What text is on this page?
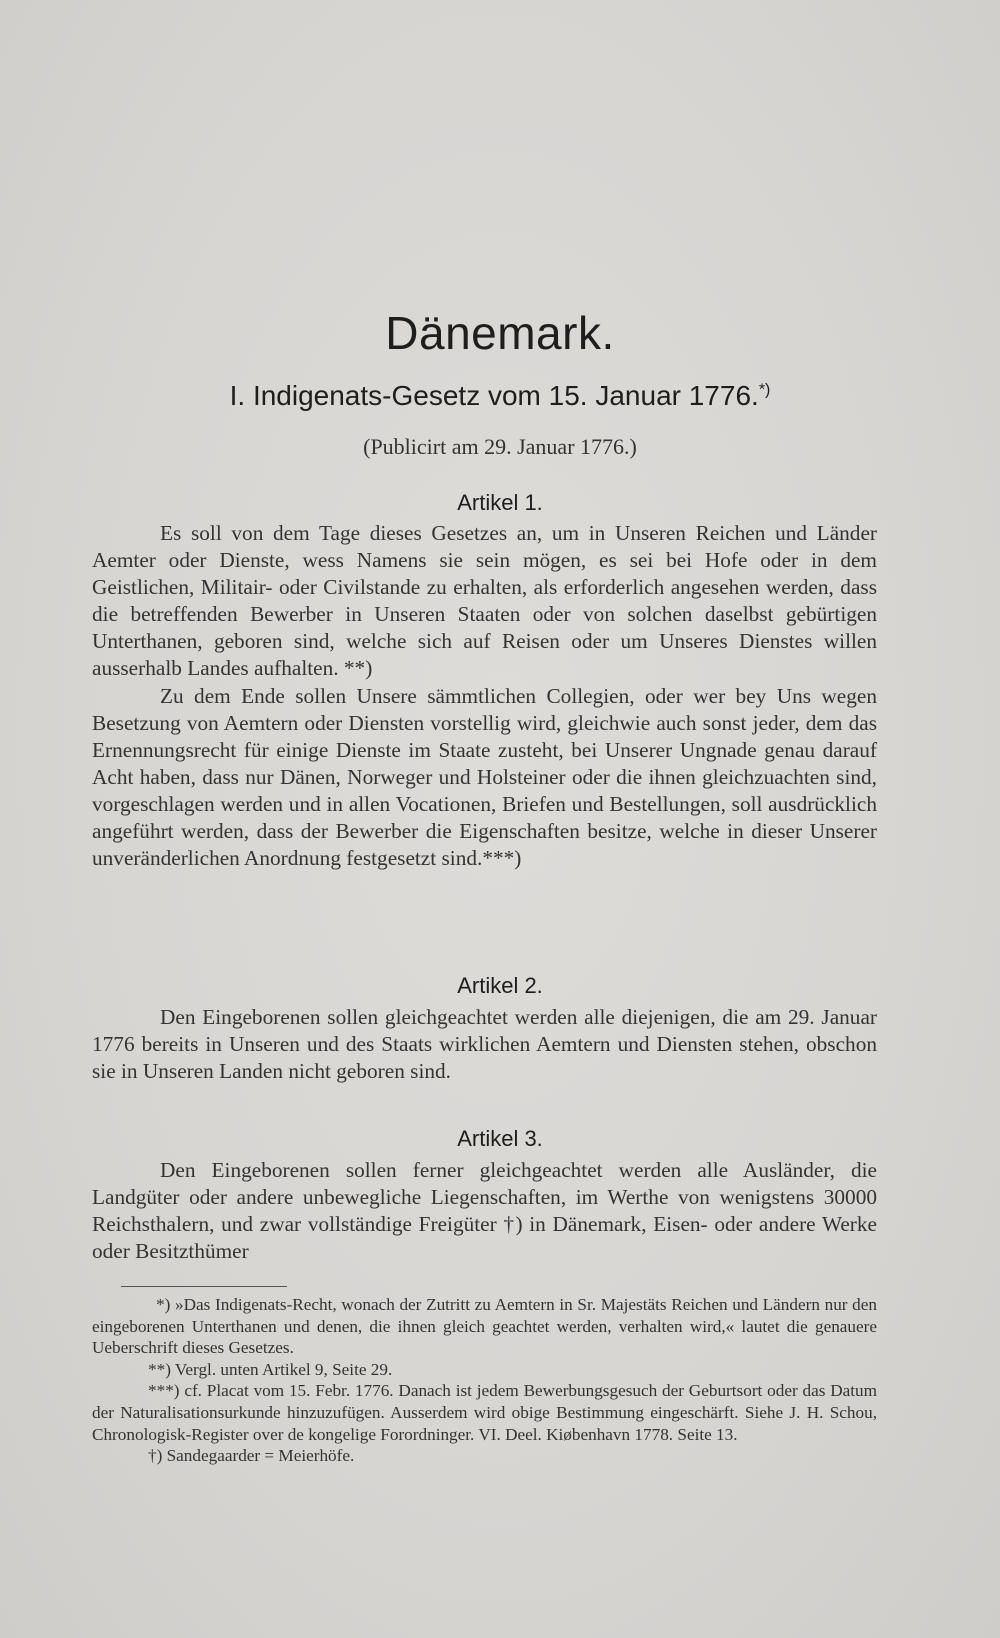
Dänemark.
I. Indigenats-Gesetz vom 15. Januar 1776.*)
(Publicirt am 29. Januar 1776.)
Artikel 1.

Es soll von dem Tage dieses Gesetzes an, um in Unseren Reichen und Länder Aemter oder Dienste, wess Namens sie sein mögen, es sei bei Hofe oder in dem Geistlichen, Militair- oder Civilstande zu erhalten, als erforderlich angesehen werden, dass die betreffenden Bewerber in Unseren Staaten oder von solchen daselbst gebürtigen Unterthanen, geboren sind, welche sich auf Reisen oder um Unseres Dienstes willen ausserhalb Landes aufhalten. **)

Zu dem Ende sollen Unsere sämmtlichen Collegien, oder wer bey Uns wegen Besetzung von Aemtern oder Diensten vorstellig wird, gleichwie auch sonst jeder, dem das Ernennungsrecht für einige Dienste im Staate zusteht, bei Unserer Ungnade genau darauf Acht haben, dass nur Dänen, Norweger und Holsteiner oder die ihnen gleichzuachten sind, vorgeschlagen werden und in allen Vocationen, Briefen und Bestellungen, soll ausdrücklich angeführt werden, dass der Bewerber die Eigenschaften besitze, welche in dieser Unserer unveränderlichen Anordnung festgesetzt sind.***)

Artikel 2.

Den Eingeborenen sollen gleichgeachtet werden alle diejenigen, die am 29. Januar 1776 bereits in Unseren und des Staats wirklichen Aemtern und Diensten stehen, obschon sie in Unseren Landen nicht geboren sind.

Artikel 3.

Den Eingeborenen sollen ferner gleichgeachtet werden alle Ausländer, die Landgüter oder andere unbewegliche Liegenschaften, im Werthe von wenigstens 30000 Reichsthalern, und zwar vollständige Freigüter †) in Dänemark, Eisen- oder andere Werke oder Besitzthümer

*) »Das Indigenats-Recht, wonach der Zutritt zu Aemtern in Sr. Majestäts Reichen und Ländern nur den eingeborenen Unterthanen und denen, die ihnen gleich geachtet werden, verhalten wird,« lautet die genauere Ueberschrift dieses Gesetzes.

**) Vergl. unten Artikel 9, Seite 29.

***) cf. Placat vom 15. Febr. 1776. Danach ist jedem Bewerbungsgesuch der Geburtsort oder das Datum der Naturalisationsurkunde hinzuzufügen. Ausserdem wird obige Bestimmung eingeschärft. Siehe J. H. Schou, Chronologisk-Register over de kongelige Forordninger. VI. Deel. Kiøbenhavn 1778. Seite 13.

†) Sandegaarder = Meierhöfe.
